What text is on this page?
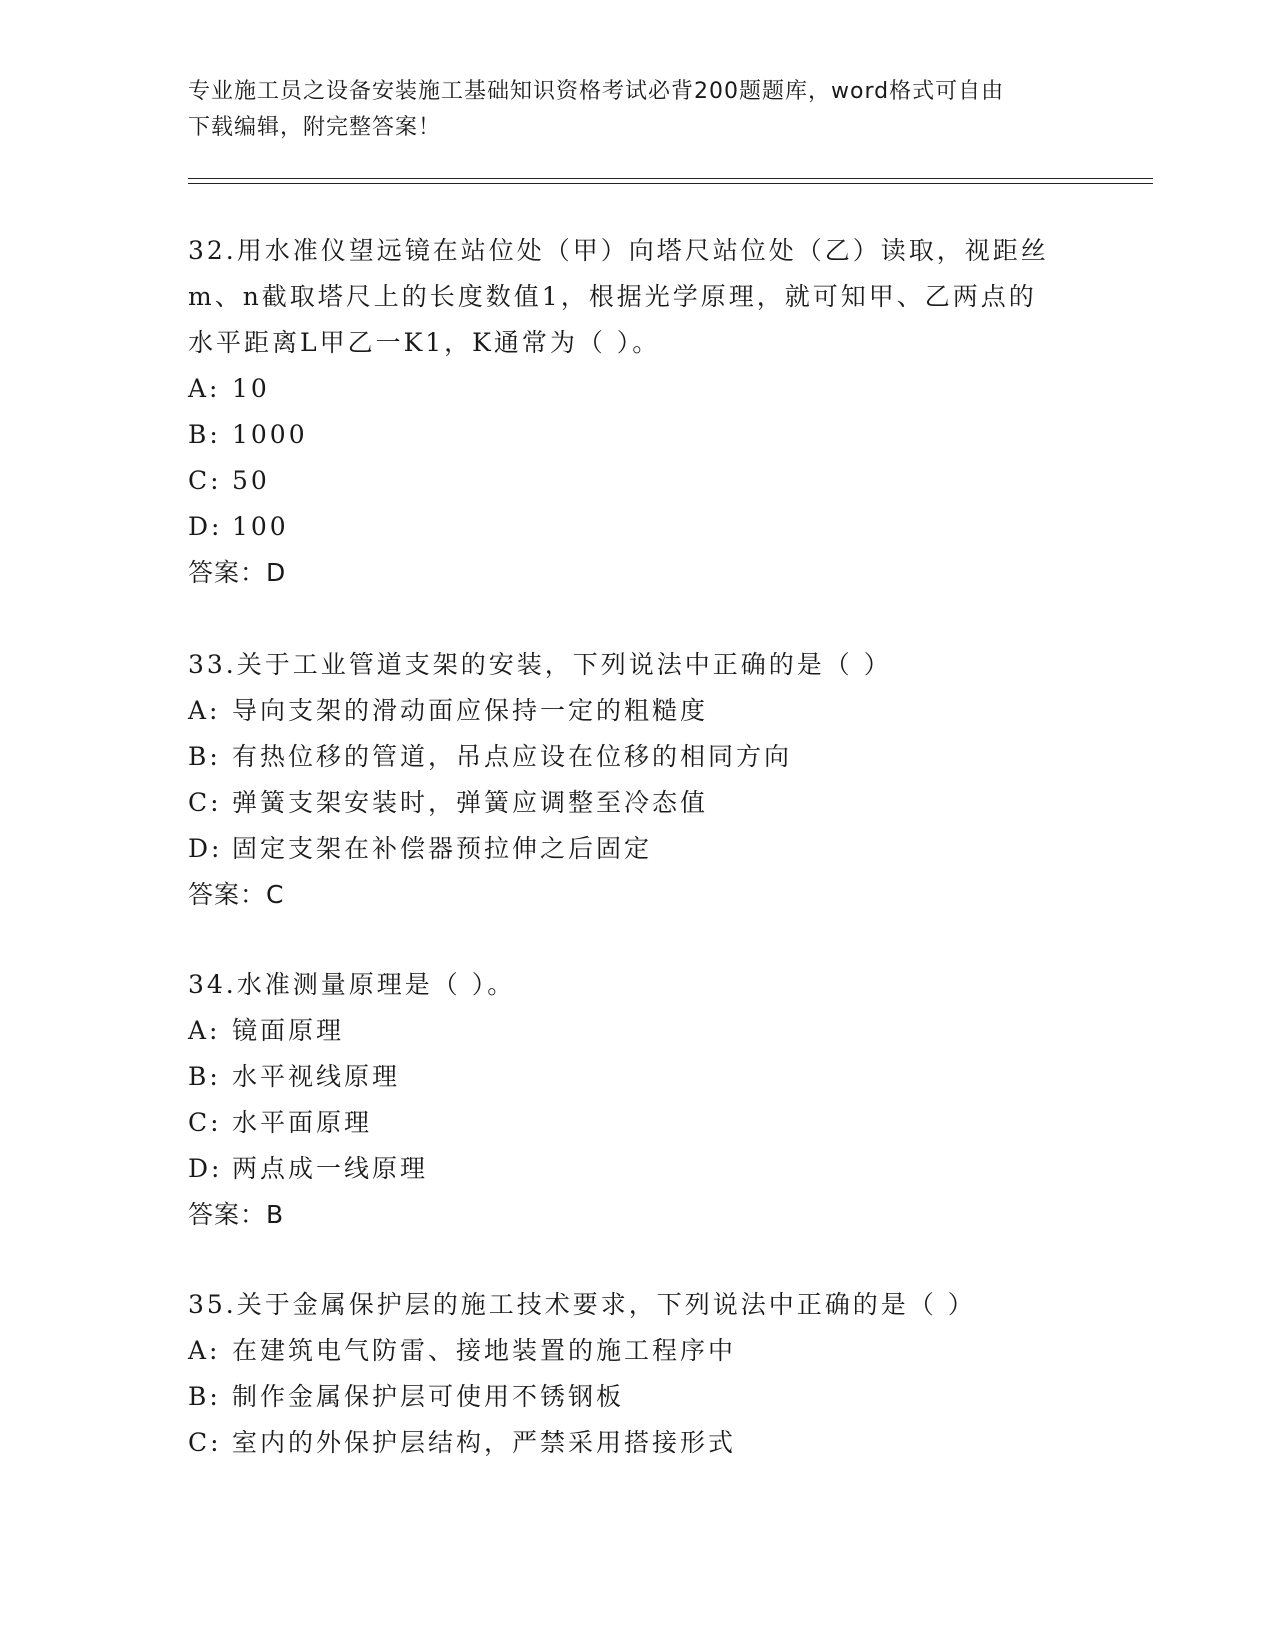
专业施工员之设备安装施工基础知识资格考试必背200题题库，word格式可自由
下载编辑，附完整答案！
32.用水准仪望远镜在站位处（甲）向塔尺站位处（乙）读取，视距丝
m、n截取塔尺上的长度数值1，根据光学原理，就可知甲、乙两点的
水平距离L甲乙一K1，K通常为（ ）。
A: 10
B: 1000
C: 50
D: 100
答案：D
33.关于工业管道支架的安装，下列说法中正确的是（ ）
A: 导向支架的滑动面应保持一定的粗糙度
B: 有热位移的管道，吊点应设在位移的相同方向
C: 弹簧支架安装时，弹簧应调整至冷态值
D: 固定支架在补偿器预拉伸之后固定
答案：C
34.水准测量原理是（ ）。
A: 镜面原理
B: 水平视线原理
C: 水平面原理
D: 两点成一线原理
答案：B
35.关于金属保护层的施工技术要求，下列说法中正确的是（ ）
A: 在建筑电气防雷、接地装置的施工程序中
B: 制作金属保护层可使用不锈钢板
C: 室内的外保护层结构，严禁采用搭接形式
